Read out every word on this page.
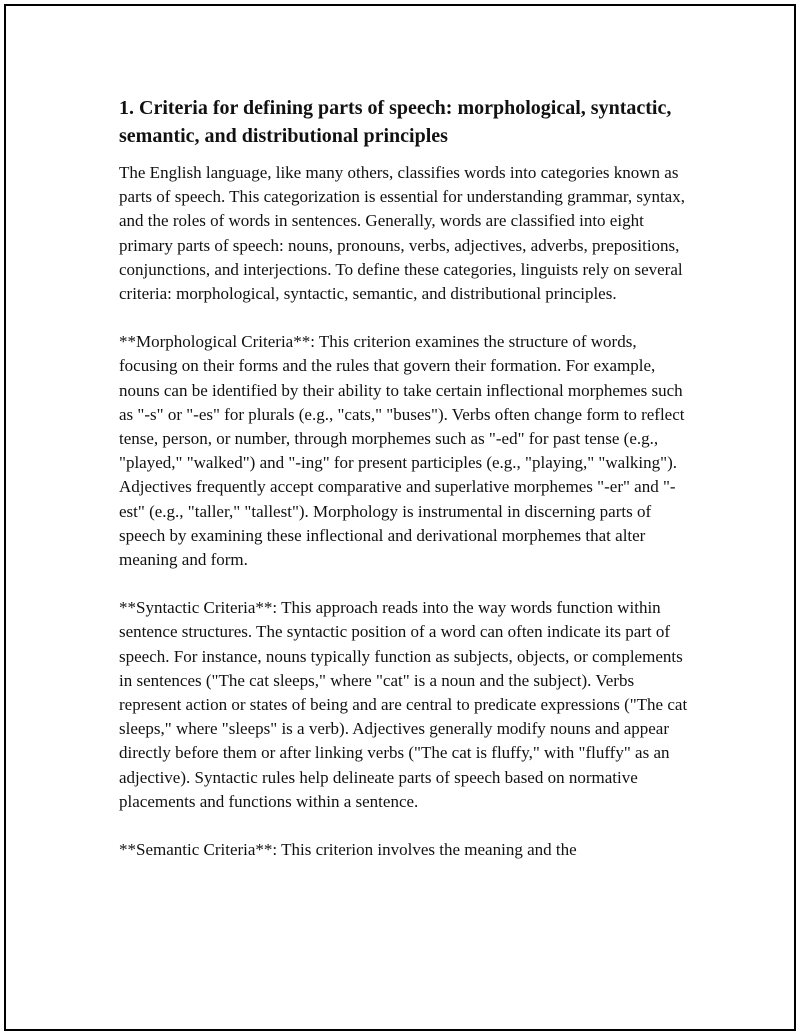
1. Criteria for defining parts of speech: morphological, syntactic, semantic, and distributional principles

The English language, like many others, classifies words into categories known as parts of speech. This categorization is essential for understanding grammar, syntax, and the roles of words in sentences. Generally, words are classified into eight primary parts of speech: nouns, pronouns, verbs, adjectives, adverbs, prepositions, conjunctions, and interjections. To define these categories, linguists rely on several criteria: morphological, syntactic, semantic, and distributional principles.

**Morphological Criteria**: This criterion examines the structure of words, focusing on their forms and the rules that govern their formation. For example, nouns can be identified by their ability to take certain inflectional morphemes such as "-s" or "-es" for plurals (e.g., "cats," "buses"). Verbs often change form to reflect tense, person, or number, through morphemes such as "-ed" for past tense (e.g., "played," "walked") and "-ing" for present participles (e.g., "playing," "walking"). Adjectives frequently accept comparative and superlative morphemes "-er" and "-est" (e.g., "taller," "tallest"). Morphology is instrumental in discerning parts of speech by examining these inflectional and derivational morphemes that alter meaning and form.

**Syntactic Criteria**: This approach reads into the way words function within sentence structures. The syntactic position of a word can often indicate its part of speech. For instance, nouns typically function as subjects, objects, or complements in sentences ("The cat sleeps," where "cat" is a noun and the subject). Verbs represent action or states of being and are central to predicate expressions ("The cat sleeps," where "sleeps" is a verb). Adjectives generally modify nouns and appear directly before them or after linking verbs ("The cat is fluffy," with "fluffy" as an adjective). Syntactic rules help delineate parts of speech based on normative placements and functions within a sentence.

**Semantic Criteria**: This criterion involves the meaning and the
